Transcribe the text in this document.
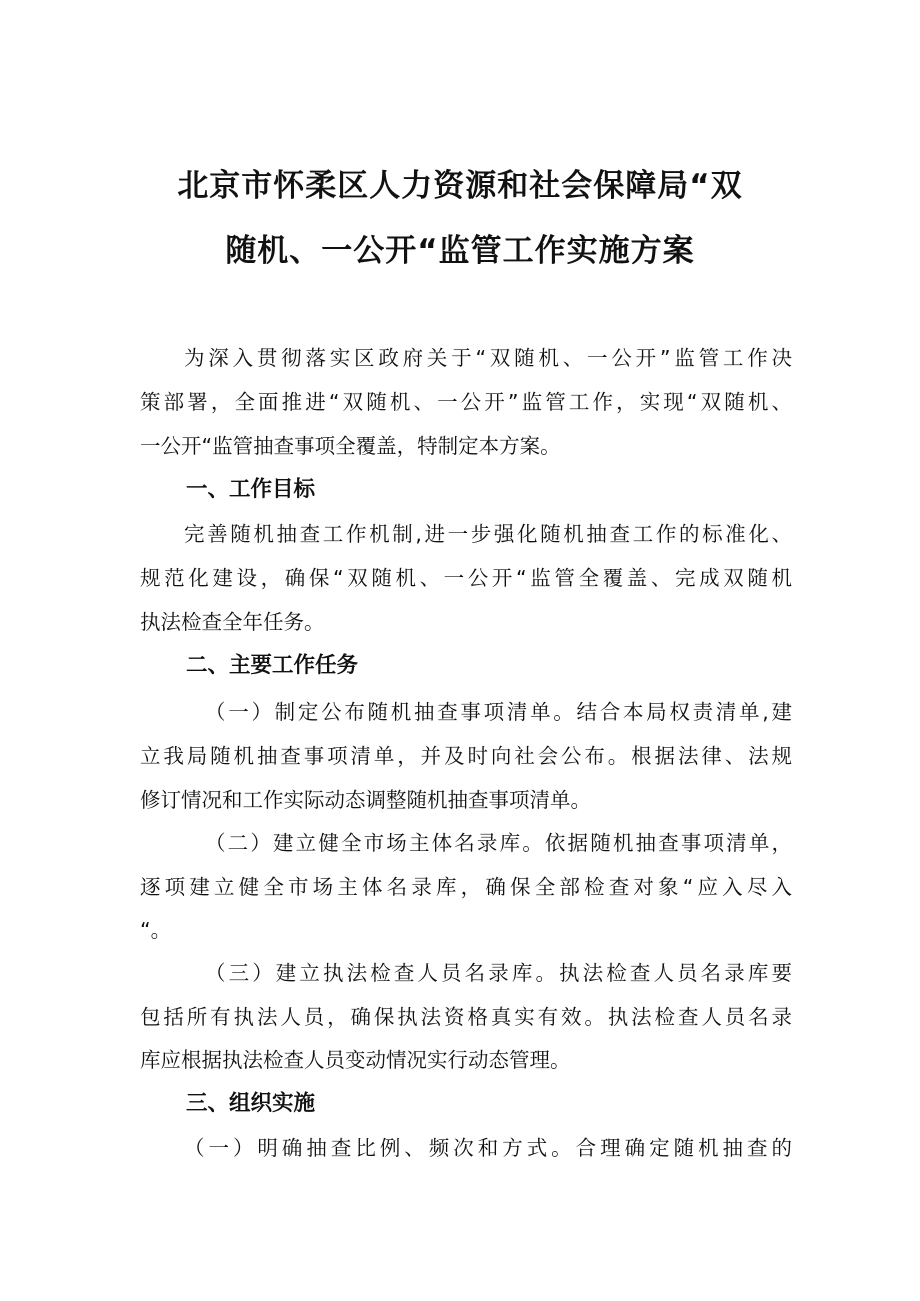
北京市怀柔区人力资源和社会保障局“双
随机、一公开“监管工作实施方案
为深入贯彻落实区政府关于“双随机、一公开”监管工作决
策部署，全面推进“双随机、一公开”监管工作，实现“双随机、
一公开“监管抽查事项全覆盖，特制定本方案。
一、工作目标
完善随机抽查工作机制,进一步强化随机抽查工作的标准化、
规范化建设，确保“双随机、一公开“监管全覆盖、完成双随机
执法检查全年任务。
二、主要工作任务
（一）制定公布随机抽查事项清单。结合本局权责清单,建
立我局随机抽查事项清单，并及时向社会公布。根据法律、法规
修订情况和工作实际动态调整随机抽查事项清单。
（二）建立健全市场主体名录库。依据随机抽查事项清单，
逐项建立健全市场主体名录库，确保全部检查对象“应入尽入
“。
（三）建立执法检查人员名录库。执法检查人员名录库要
包括所有执法人员，确保执法资格真实有效。执法检查人员名录
库应根据执法检查人员变动情况实行动态管理。
三、组织实施
（一）明确抽查比例、频次和方式。合理确定随机抽查的
